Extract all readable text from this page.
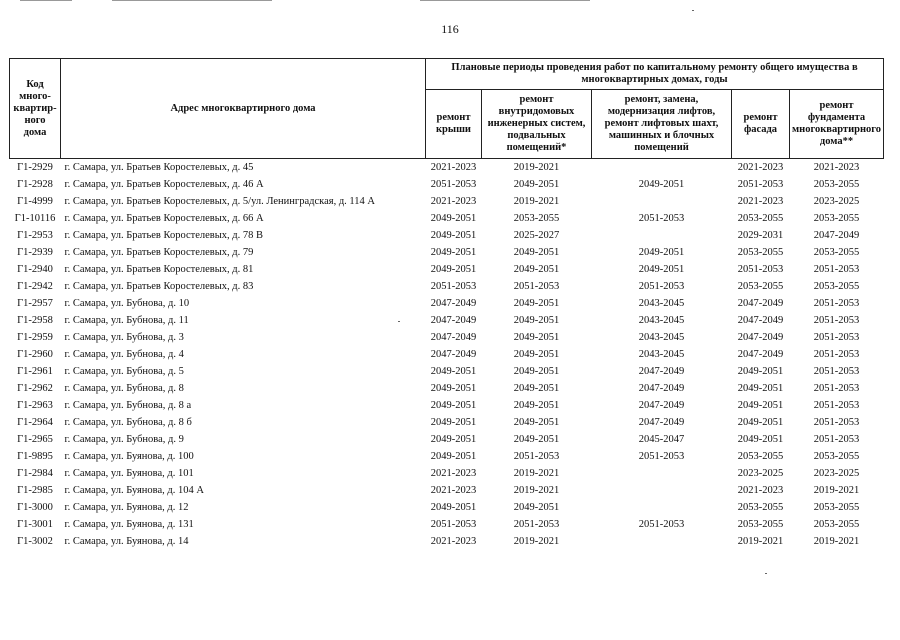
116
Код много-квартир-ного дома	Адрес многоквартирного дома	Плановые периоды проведения работ по капитальному ремонту общего имущества в многоквартирных домах, годы				
		ремонт крыши	ремонт внутридомовых инженерных систем, подвальных помещений*	ремонт, замена, модернизация лифтов, ремонт лифтовых шахт, машинных и блочных помещений	ремонт фасада	ремонт фундамента многоквартирного дома**
Г1-2929	г. Самара, ул. Братьев Коростелевых, д. 45	2021-2023	2019-2021		2021-2023	2021-2023
Г1-2928	г. Самара, ул. Братьев Коростелевых, д. 46 А	2051-2053	2049-2051	2049-2051	2051-2053	2053-2055
Г1-4999	г. Самара, ул. Братьев Коростелевых, д. 5/ул. Ленинградская, д. 114 А	2021-2023	2019-2021		2021-2023	2023-2025
Г1-10116	г. Самара, ул. Братьев Коростелевых, д. 66 А	2049-2051	2053-2055	2051-2053	2053-2055	2053-2055
Г1-2953	г. Самара, ул. Братьев Коростелевых, д. 78 В	2049-2051	2025-2027		2029-2031	2047-2049
Г1-2939	г. Самара, ул. Братьев Коростелевых, д. 79	2049-2051	2049-2051	2049-2051	2053-2055	2053-2055
Г1-2940	г. Самара, ул. Братьев Коростелевых, д. 81	2049-2051	2049-2051	2049-2051	2051-2053	2051-2053
Г1-2942	г. Самара, ул. Братьев Коростелевых, д. 83	2051-2053	2051-2053	2051-2053	2053-2055	2053-2055
Г1-2957	г. Самара, ул. Бубнова, д. 10	2047-2049	2049-2051	2043-2045	2047-2049	2051-2053
Г1-2958	г. Самара, ул. Бубнова, д. 11	2047-2049	2049-2051	2043-2045	2047-2049	2051-2053
Г1-2959	г. Самара, ул. Бубнова, д. 3	2047-2049	2049-2051	2043-2045	2047-2049	2051-2053
Г1-2960	г. Самара, ул. Бубнова, д. 4	2047-2049	2049-2051	2043-2045	2047-2049	2051-2053
Г1-2961	г. Самара, ул. Бубнова, д. 5	2049-2051	2049-2051	2047-2049	2049-2051	2051-2053
Г1-2962	г. Самара, ул. Бубнова, д. 8	2049-2051	2049-2051	2047-2049	2049-2051	2051-2053
Г1-2963	г. Самара, ул. Бубнова, д. 8 а	2049-2051	2049-2051	2047-2049	2049-2051	2051-2053
Г1-2964	г. Самара, ул. Бубнова, д. 8 б	2049-2051	2049-2051	2047-2049	2049-2051	2051-2053
Г1-2965	г. Самара, ул. Бубнова, д. 9	2049-2051	2049-2051	2045-2047	2049-2051	2051-2053
Г1-9895	г. Самара, ул. Буянова, д. 100	2049-2051	2051-2053	2051-2053	2053-2055	2053-2055
Г1-2984	г. Самара, ул. Буянова, д. 101	2021-2023	2019-2021		2023-2025	2023-2025
Г1-2985	г. Самара, ул. Буянова, д. 104 А	2021-2023	2019-2021		2021-2023	2019-2021
Г1-3000	г. Самара, ул. Буянова, д. 12	2049-2051	2049-2051		2053-2055	2053-2055
Г1-3001	г. Самара, ул. Буянова, д. 131	2051-2053	2051-2053	2051-2053	2053-2055	2053-2055
Г1-3002	г. Самара, ул. Буянова, д. 14	2021-2023	2019-2021		2019-2021	2019-2021
